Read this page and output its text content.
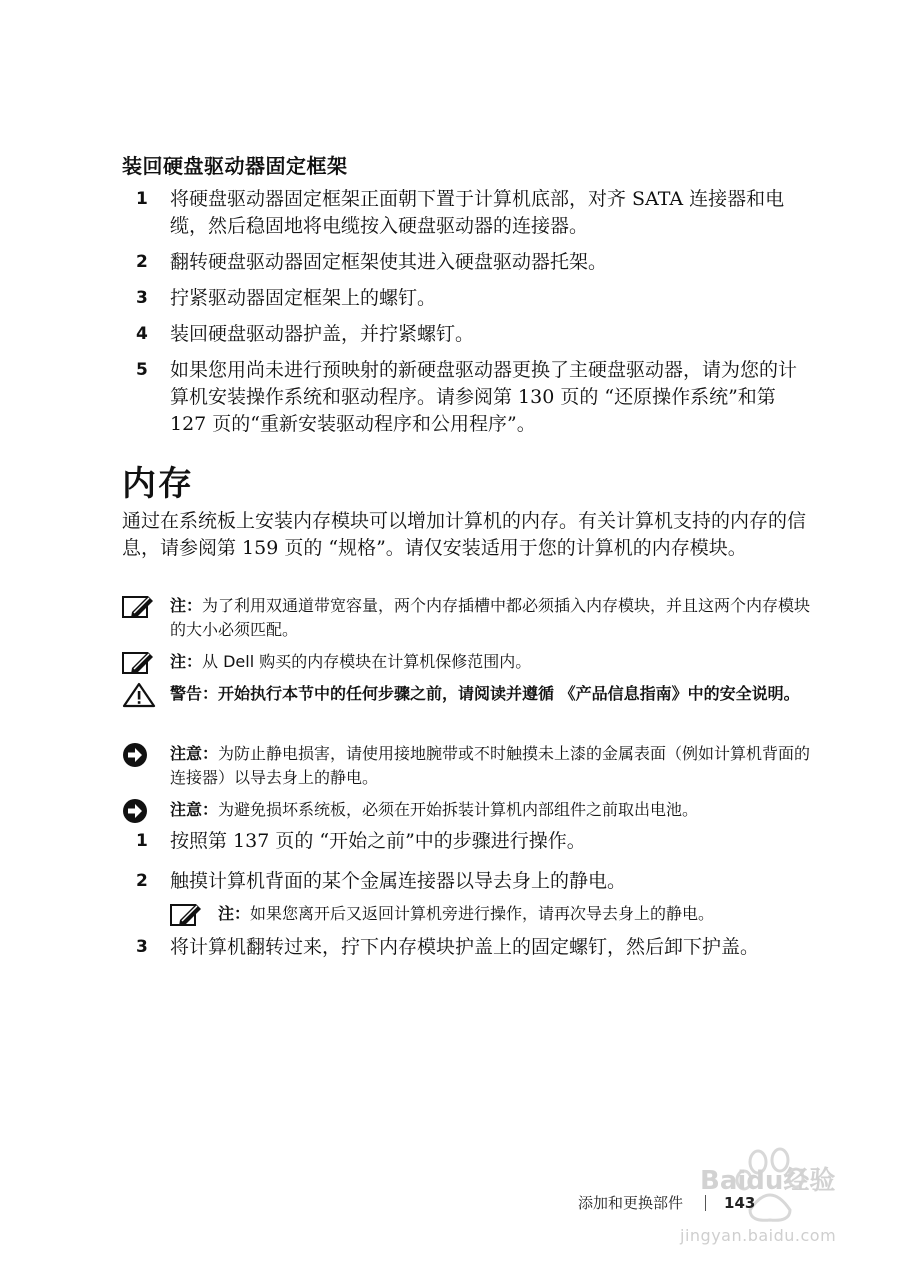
装回硬盘驱动器固定框架
1 将硬盘驱动器固定框架正面朝下置于计算机底部，对齐 SATA 连接器和电缆，然后稳固地将电缆按入硬盘驱动器的连接器。
2 翻转硬盘驱动器固定框架使其进入硬盘驱动器托架。
3 拧紧驱动器固定框架上的螺钉。
4 装回硬盘驱动器护盖，并拧紧螺钉。
5 如果您用尚未进行预映射的新硬盘驱动器更换了主硬盘驱动器，请为您的计算机安装操作系统和驱动程序。请参阅第 130 页的 “还原操作系统”和第 127 页的“重新安装驱动程序和公用程序”。
内存

通过在系统板上安装内存模块可以增加计算机的内存。有关计算机支持的内存的信息，请参阅第 159 页的 “规格”。请仅安装适用于您的计算机的内存模块。

注：为了利用双通道带宽容量，两个内存插槽中都必须插入内存模块，并且这两个内存模块的大小必须匹配。
注：从 Dell 购买的内存模块在计算机保修范围内。
警告：开始执行本节中的任何步骤之前，请阅读并遵循 《产品信息指南》中的安全说明。
注意：为防止静电损害，请使用接地腕带或不时触摸未上漆的金属表面（例如计算机背面的连接器）以导去身上的静电。
注意：为避免损坏系统板，必须在开始拆装计算机内部组件之前取出电池。
1 按照第 137 页的 “开始之前”中的步骤进行操作。
2 触摸计算机背面的某个金属连接器以导去身上的静电。
注：如果您离开后又返回计算机旁进行操作，请再次导去身上的静电。
3 将计算机翻转过来，拧下内存模块护盖上的固定螺钉，然后卸下护盖。
添加和更换部件	143
jingyan.baidu.com
Baidu经验
